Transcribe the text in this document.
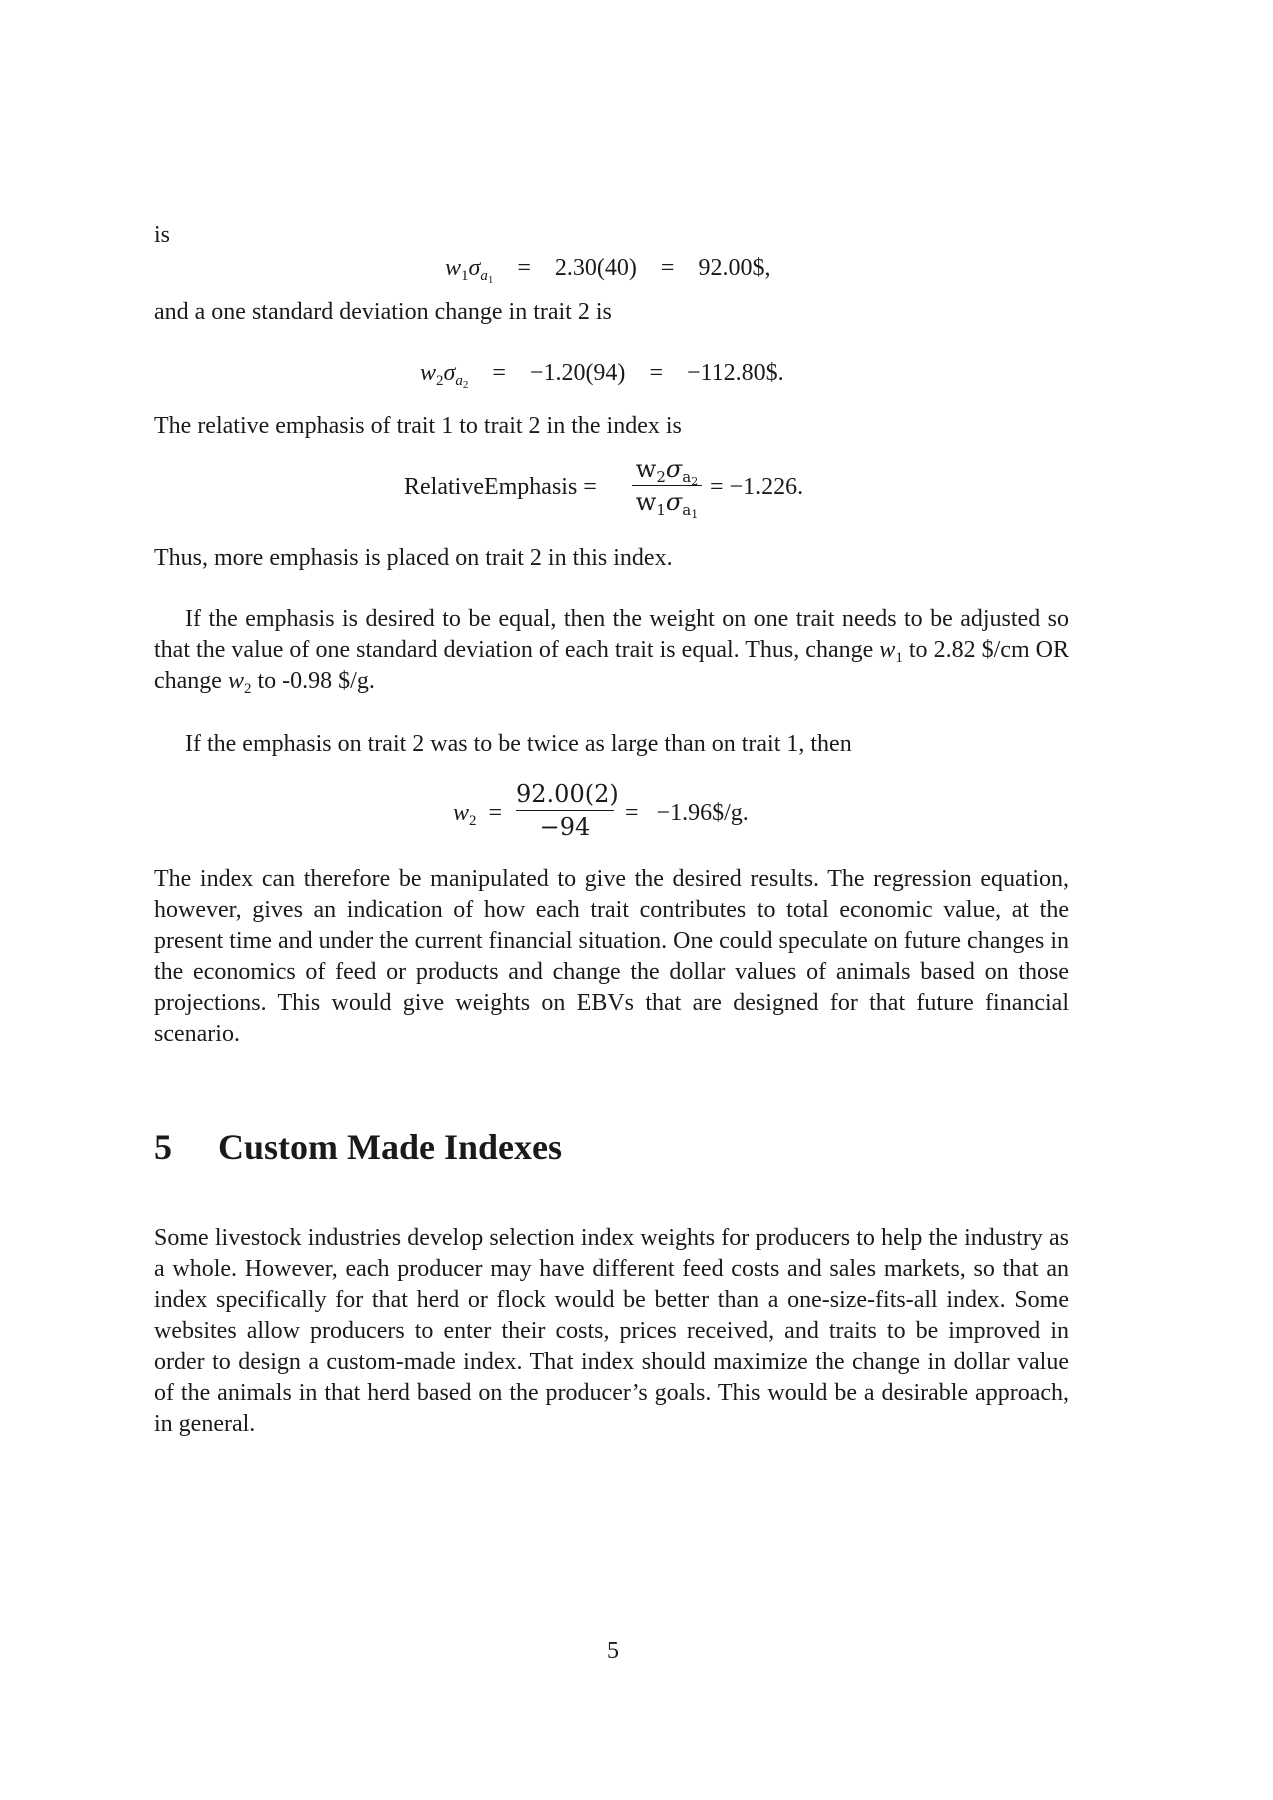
is
$w_1\sigma_{a_1} = 2.30(40)$ = 92.00$,
and a one standard deviation change in trait 2 is
$w_2\sigma_{a_2} = -1.20(94)$ = −112.80$.
The relative emphasis of trait 1 to trait 2 in the index is
RelativeEmphasis =
$w_2\sigma_{a_2}$
$w_1\sigma_{a_1}$
= −1.226.
Thus, more emphasis is placed on trait 2 in this index.
If the emphasis is desired to be equal, then the weight on one trait needs to be adjusted so that the value of one standard deviation of each trait is equal. Thus, change $w_1$ to 2.82 $/cm OR change $w_2$ to -0.98 $/g.
If the emphasis on trait 2 was to be twice as large than on trait 1, then
$w_2$ =
92.00(2)
−94	=   −1.96$/g.
The index can therefore be manipulated to give the desired results. The regression equation, however, gives an indication of how each trait contributes to total economic value, at the present time and under the current financial situation. One could speculate on future changes in the economics of feed or products and change the dollar values of animals based on those projections. This would give weights on EBVs that are designed for that future financial scenario.
5 Custom Made Indexes
Some livestock industries develop selection index weights for producers to help the industry as a whole. However, each producer may have different feed costs and sales markets, so that an index specifically for that herd or flock would be better than a one-size-fits-all index. Some websites allow producers to enter their costs, prices received, and traits to be improved in order to design a custom-made index. That index should maximize the change in dollar value of the animals in that herd based on the producer’s goals. This would be a desirable approach, in general.
5
